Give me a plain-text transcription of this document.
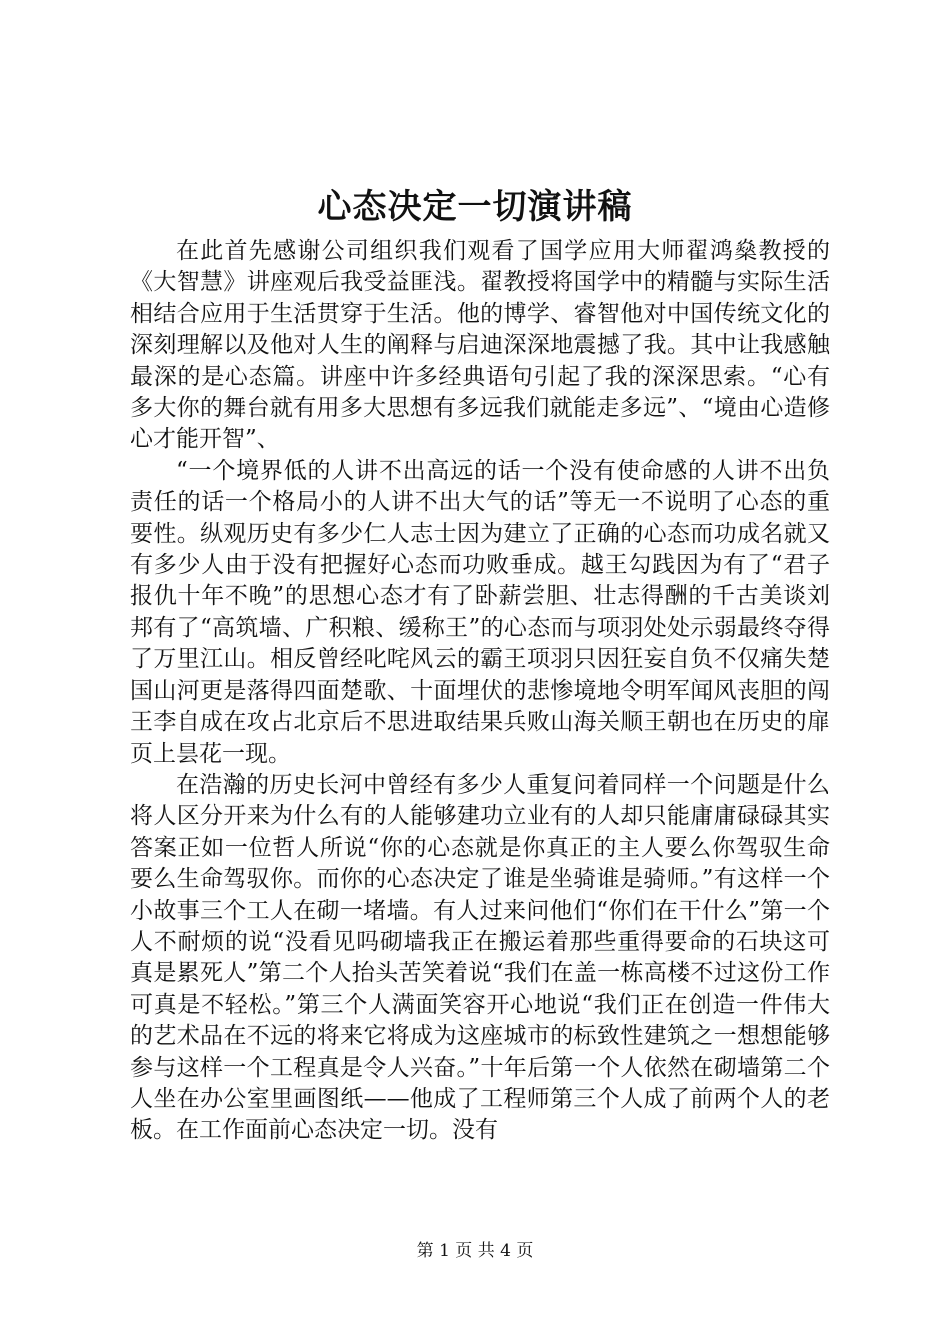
心态决定一切演讲稿

在此首先感谢公司组织我们观看了国学应用大师翟鸿燊教授的《大智慧》讲座观后我受益匪浅。翟教授将国学中的精髓与实际生活相结合应用于生活贯穿于生活。他的博学、睿智他对中国传统文化的深刻理解以及他对人生的阐释与启迪深深地震撼了我。其中让我感触最深的是心态篇。讲座中许多经典语句引起了我的深深思索。“心有多大你的舞台就有用多大思想有多远我们就能走多远”、“境由心造修心才能开智”、

“一个境界低的人讲不出高远的话一个没有使命感的人讲不出负责任的话一个格局小的人讲不出大气的话”等无一不说明了心态的重要性。纵观历史有多少仁人志士因为建立了正确的心态而功成名就又有多少人由于没有把握好心态而功败垂成。越王勾践因为有了“君子报仇十年不晚”的思想心态才有了卧薪尝胆、壮志得酬的千古美谈刘邦有了“高筑墙、广积粮、缓称王”的心态而与项羽处处示弱最终夺得了万里江山。相反曾经叱咤风云的霸王项羽只因狂妄自负不仅痛失楚国山河更是落得四面楚歌、十面埋伏的悲惨境地令明军闻风丧胆的闯王李自成在攻占北京后不思进取结果兵败山海关顺王朝也在历史的扉页上昙花一现。

在浩瀚的历史长河中曾经有多少人重复问着同样一个问题是什么将人区分开来为什么有的人能够建功立业有的人却只能庸庸碌碌其实答案正如一位哲人所说“你的心态就是你真正的主人要么你驾驭生命要么生命驾驭你。而你的心态决定了谁是坐骑谁是骑师。”有这样一个小故事三个工人在砌一堵墙。有人过来问他们“你们在干什么”第一个人不耐烦的说“没看见吗砌墙我正在搬运着那些重得要命的石块这可真是累死人”第二个人抬头苦笑着说“我们在盖一栋高楼不过这份工作可真是不轻松。”第三个人满面笑容开心地说“我们正在创造一件伟大的艺术品在不远的将来它将成为这座城市的标致性建筑之一想想能够参与这样一个工程真是令人兴奋。”十年后第一个人依然在砌墙第二个人坐在办公室里画图纸——他成了工程师第三个人成了前两个人的老板。在工作面前心态决定一切。没有

第 1 页 共 4 页
